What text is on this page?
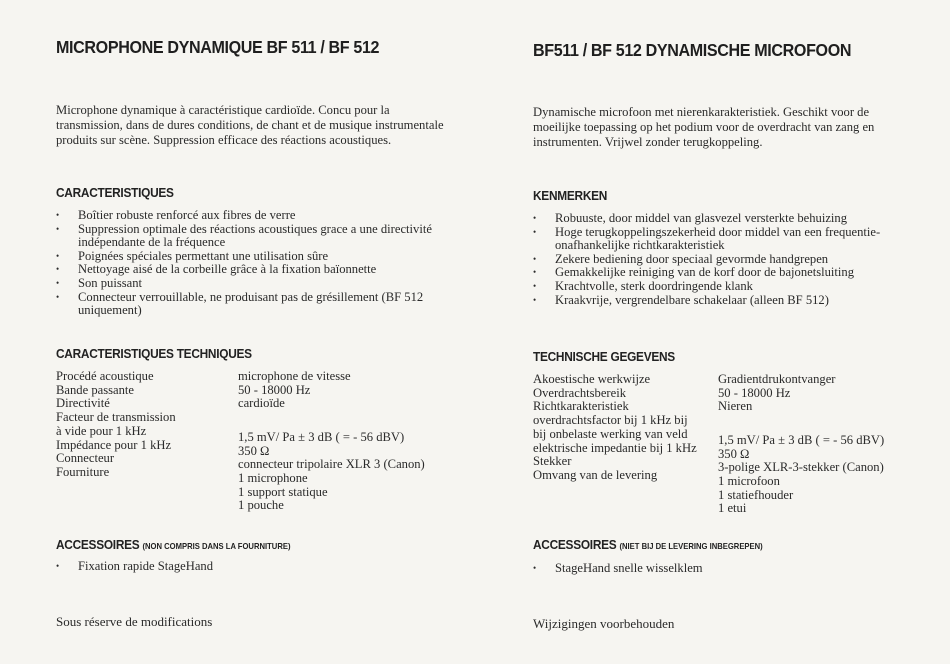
MICROPHONE DYNAMIQUE BF 511 / BF 512

Microphone dynamique à caractéristique cardioïde. Concu pour la transmission, dans de dures conditions, de chant et de musique instrumentale produits sur scène. Suppression efficace des réactions acoustiques.

CARACTERISTIQUES
• Boîtier robuste renforcé aux fibres de verre
• Suppression optimale des réactions acoustiques grace a une directivité indépendante de la fréquence
• Poignées spéciales permettant une utilisation sûre
• Nettoyage aisé de la corbeille grâce à la fixation baïonnette
• Son puissant
• Connecteur verrouillable, ne produisant pas de grésillement (BF 512 uniquement)
CARACTERISTIQUES TECHNIQUES
Procédé acoustique
Bande passante
Directivité
Facteur de transmission
à vide pour 1 kHz
Impédance pour 1 kHz
Connecteur
Fourniture
microphone de vitesse
50 - 18000 Hz
cardioïde

1,5 mV/ Pa ± 3 dB ( = - 56 dBV)
350 Ω
connecteur tripolaire XLR 3 (Canon)
1 microphone
1 support statique
1 pouche
ACCESSOIRES (NON COMPRIS DANS LA FOURNITURE)
• Fixation rapide StageHand

Sous réserve de modifications

BF511 / BF 512 DYNAMISCHE MICROFOON

Dynamische microfoon met nierenkarakteristiek. Geschikt voor de moeilijke toepassing op het podium voor de overdracht van zang en instrumenten. Vrijwel zonder terugkoppeling.

KENMERKEN
• Robuuste, door middel van glasvezel versterkte behuizing
• Hoge terugkoppelingszekerheid door middel van een frequentie-onafhankelijke richtkarakteristiek
• Zekere bediening door speciaal gevormde handgrepen
• Gemakkelijke reiniging van de korf door de bajonetsluiting
• Krachtvolle, sterk doordringende klank
• Kraakvrije, vergrendelbare schakelaar (alleen BF 512)
TECHNISCHE GEGEVENS
Akoestische werkwijze
Overdrachtsbereik
Richtkarakteristiek
overdrachtsfactor bij 1 kHz bij
bij onbelaste werking van veld
elektrische impedantie bij 1 kHz
Stekker
Omvang van de levering
Gradientdrukontvanger
50 - 18000 Hz
Nieren

1,5 mV/ Pa ± 3 dB ( = - 56 dBV)
350 Ω
3-polige XLR-3-stekker (Canon)
1 microfoon
1 statiefhouder
1 etui
ACCESSOIRES (NIET BIJ DE LEVERING INBEGREPEN)
• StageHand snelle wisselklem

Wijzigingen voorbehouden
